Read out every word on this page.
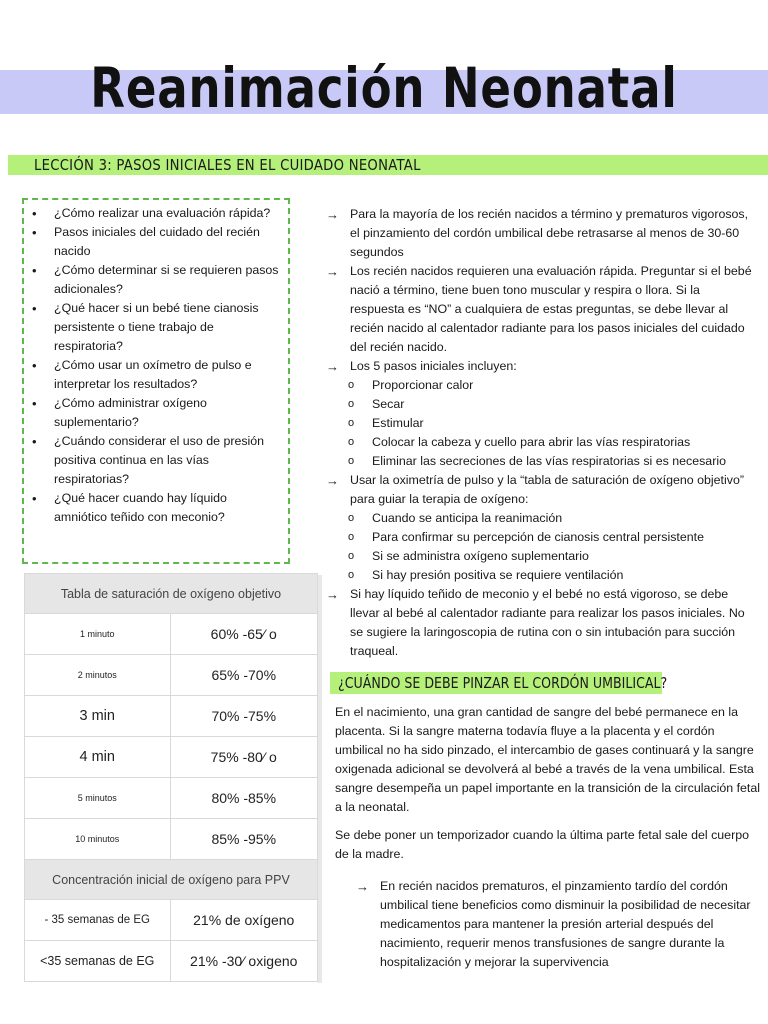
Reanimación Neonatal
LECCIÓN 3: PASOS INICIALES EN EL CUIDADO NEONATAL
• ¿Cómo realizar una evaluación rápida?
• Pasos iniciales del cuidado del recién nacido
• ¿Cómo determinar si se requieren pasos adicionales?
• ¿Qué hacer si un bebé tiene cianosis persistente o tiene trabajo de respiratoria?
• ¿Cómo usar un oxímetro de pulso e interpretar los resultados?
• ¿Cómo administrar oxígeno suplementario?
• ¿Cuándo considerar el uso de presión positiva continua en las vías respiratorias?
• ¿Qué hacer cuando hay líquido amniótico teñido con meconio?
Tabla de saturación de oxígeno objetivo	
1 minuto	60% -65⁄ o
2 minutos	65% -70%
3 min	70% -75%
4 min	75% -80⁄ o
5 minutos	80% -85%
10 minutos	85% -95%
Concentración inicial de oxígeno para PPV	
- 35 semanas de EG	21% de oxígeno
<35 semanas de EG	21% -30⁄ oxigeno
→ Para la mayoría de los recién nacidos a término y prematuros vigorosos, el pinzamiento del cordón umbilical debe retrasarse al menos de 30-60 segundos
→ Los recién nacidos requieren una evaluación rápida. Preguntar si el bebé nació a término, tiene buen tono muscular y respira o llora. Si la respuesta es “NO” a cualquiera de estas preguntas, se debe llevar al recién nacido al calentador radiante para los pasos iniciales del cuidado del recién nacido.
→ Los 5 pasos iniciales incluyen:
o Proporcionar calor
o Secar
o Estimular
o Colocar la cabeza y cuello para abrir las vías respiratorias
o Eliminar las secreciones de las vías respiratorias si es necesario
→ Usar la oximetría de pulso y la “tabla de saturación de oxígeno objetivo” para guiar la terapia de oxígeno:
o Cuando se anticipa la reanimación
o Para confirmar su percepción de cianosis central persistente
o Si se administra oxígeno suplementario
o Si hay presión positiva se requiere ventilación
→ Si hay líquido teñido de meconio y el bebé no está vigoroso, se debe llevar al bebé al calentador radiante para realizar los pasos iniciales. No se sugiere la laringoscopia de rutina con o sin intubación para succión traqueal.
¿CUÁNDO SE DEBE PINZAR EL CORDÓN UMBILICAL?

En el nacimiento, una gran cantidad de sangre del bebé permanece en la placenta. Si la sangre materna todavía fluye a la placenta y el cordón umbilical no ha sido pinzado, el intercambio de gases continuará y la sangre oxigenada adicional se devolverá al bebé a través de la vena umbilical. Esta sangre desempeña un papel importante en la transición de la circulación fetal a la neonatal.

Se debe poner un temporizador cuando la última parte fetal sale del cuerpo de la madre.

→ En recién nacidos prematuros, el pinzamiento tardío del cordón umbilical tiene beneficios como disminuir la posibilidad de necesitar medicamentos para mantener la presión arterial después del nacimiento, requerir menos transfusiones de sangre durante la hospitalización y mejorar la supervivencia
